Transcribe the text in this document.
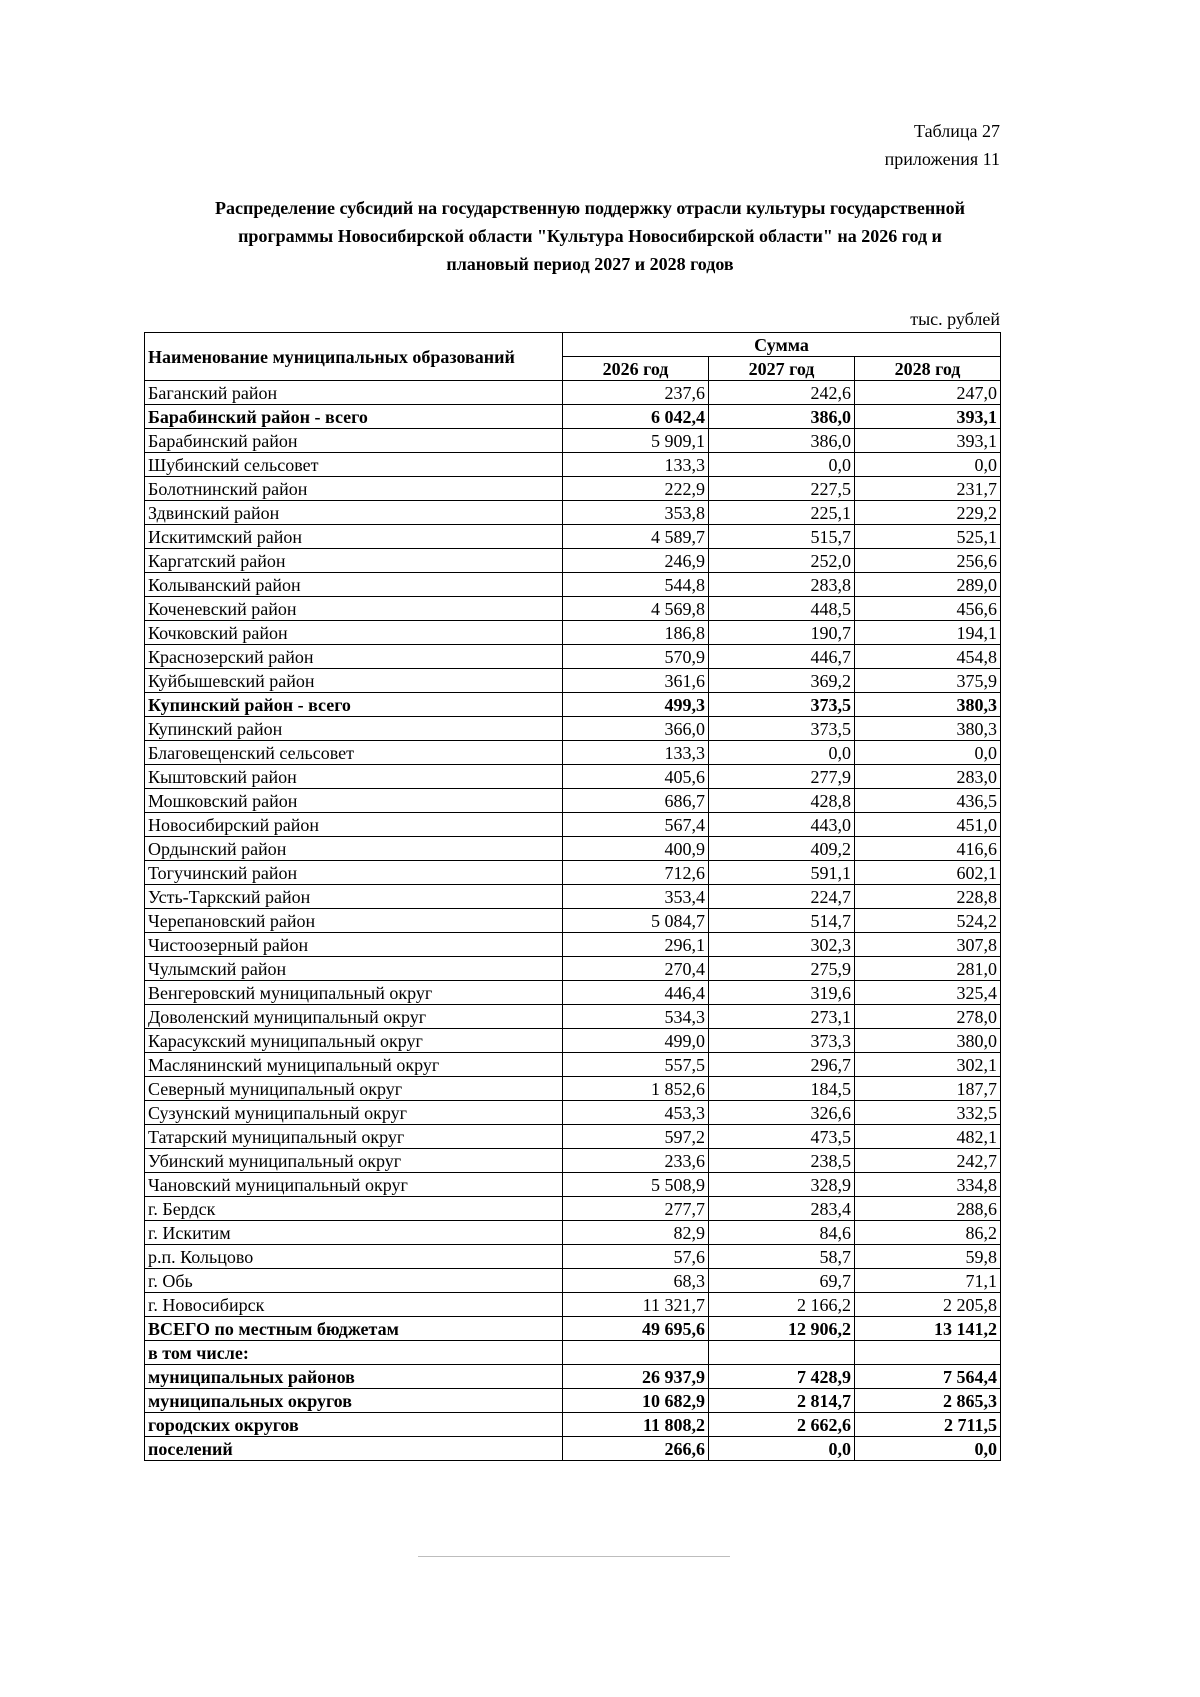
Таблица 27
приложения 11
Распределение субсидий на государственную поддержку отрасли культуры государственной
программы Новосибирской области "Культура Новосибирской области" на 2026 год и
плановый период 2027 и 2028 годов
тыс. рублей
Наименование муниципальных образований	Сумма		
	2026 год	2027 год	2028 год
Баганский район	237,6	242,6	247,0
Барабинский район - всего	6 042,4	386,0	393,1
Барабинский район	5 909,1	386,0	393,1
Шубинский сельсовет	133,3	0,0	0,0
Болотнинский район	222,9	227,5	231,7
Здвинский район	353,8	225,1	229,2
Искитимский район	4 589,7	515,7	525,1
Каргатский район	246,9	252,0	256,6
Колыванский район	544,8	283,8	289,0
Коченевский район	4 569,8	448,5	456,6
Кочковский район	186,8	190,7	194,1
Краснозерский район	570,9	446,7	454,8
Куйбышевский район	361,6	369,2	375,9
Купинский район - всего	499,3	373,5	380,3
Купинский район	366,0	373,5	380,3
Благовещенский сельсовет	133,3	0,0	0,0
Кыштовский район	405,6	277,9	283,0
Мошковский район	686,7	428,8	436,5
Новосибирский район	567,4	443,0	451,0
Ордынский район	400,9	409,2	416,6
Тогучинский район	712,6	591,1	602,1
Усть-Таркский район	353,4	224,7	228,8
Черепановский район	5 084,7	514,7	524,2
Чистоозерный район	296,1	302,3	307,8
Чулымский район	270,4	275,9	281,0
Венгеровский муниципальный округ	446,4	319,6	325,4
Доволенский муниципальный округ	534,3	273,1	278,0
Карасукский муниципальный округ	499,0	373,3	380,0
Маслянинский муниципальный округ	557,5	296,7	302,1
Северный муниципальный округ	1 852,6	184,5	187,7
Сузунский муниципальный округ	453,3	326,6	332,5
Татарский муниципальный округ	597,2	473,5	482,1
Убинский муниципальный округ	233,6	238,5	242,7
Чановский муниципальный округ	5 508,9	328,9	334,8
г. Бердск	277,7	283,4	288,6
г. Искитим	82,9	84,6	86,2
р.п. Кольцово	57,6	58,7	59,8
г. Обь	68,3	69,7	71,1
г. Новосибирск	11 321,7	2 166,2	2 205,8
ВСЕГО по местным бюджетам	49 695,6	12 906,2	13 141,2
в том числе:			
муниципальных районов	26 937,9	7 428,9	7 564,4
муниципальных округов	10 682,9	2 814,7	2 865,3
городских округов	11 808,2	2 662,6	2 711,5
поселений	266,6	0,0	0,0
